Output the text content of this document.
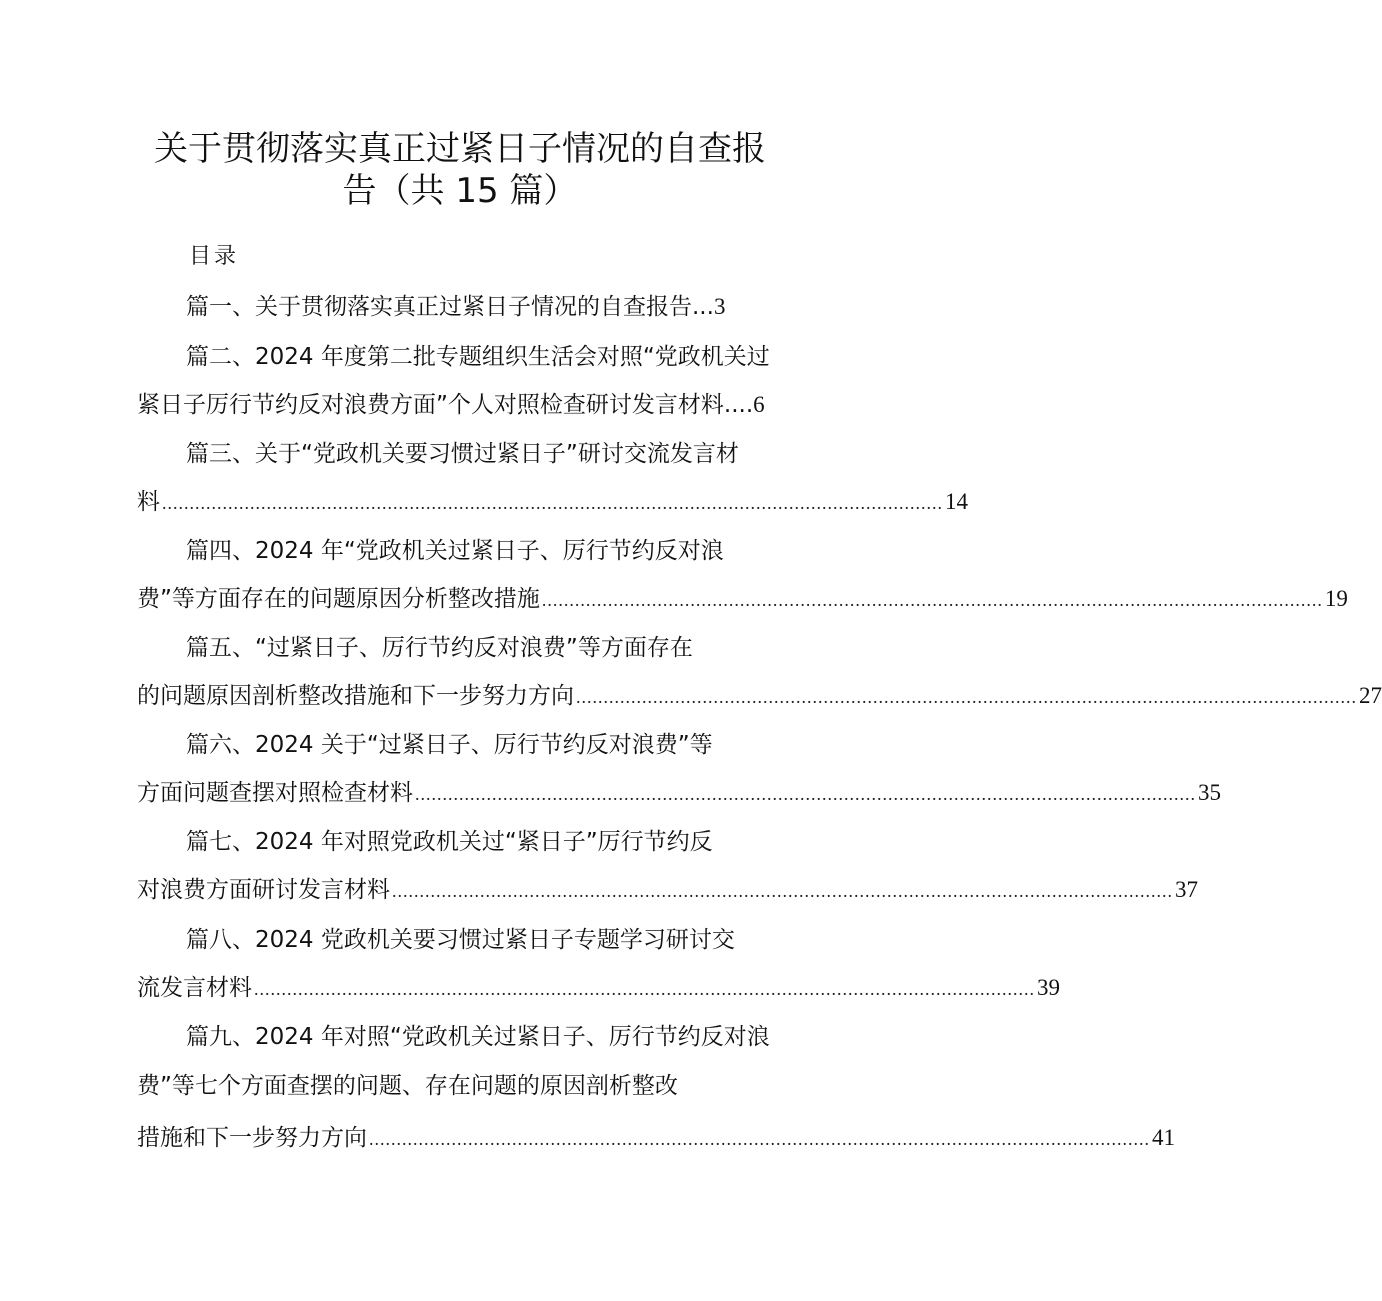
关于贯彻落实真正过紧日子情况的自查报
告（共 15 篇）
目录
篇一、关于贯彻落实真正过紧日子情况的自查报告... 3
篇二、2024 年度第二批专题组织生活会对照“党政机关过
紧日子厉行节约反对浪费方面”个人对照检查研讨发言材料.... 6
篇三、关于“党政机关要习惯过紧日子”研讨交流发言材
料 .............................................................................................................................................. 14
篇四、2024 年“党政机关过紧日子、厉行节约反对浪
费”等方面存在的问题原因分析整改措施 .............................................................................................................................................. 19
篇五、“过紧日子、厉行节约反对浪费”等方面存在
的问题原因剖析整改措施和下一步努力方向 .............................................................................................................................................. 27
篇六、2024 关于“过紧日子、厉行节约反对浪费”等
方面问题查摆对照检查材料 .............................................................................................................................................. 35
篇七、2024 年对照党政机关过“紧日子”厉行节约反
对浪费方面研讨发言材料 .............................................................................................................................................. 37
篇八、2024 党政机关要习惯过紧日子专题学习研讨交
流发言材料 .............................................................................................................................................. 39
篇九、2024 年对照“党政机关过紧日子、厉行节约反对浪
费”等七个方面查摆的问题、存在问题的原因剖析整改
措施和下一步努力方向 .............................................................................................................................................. 41
